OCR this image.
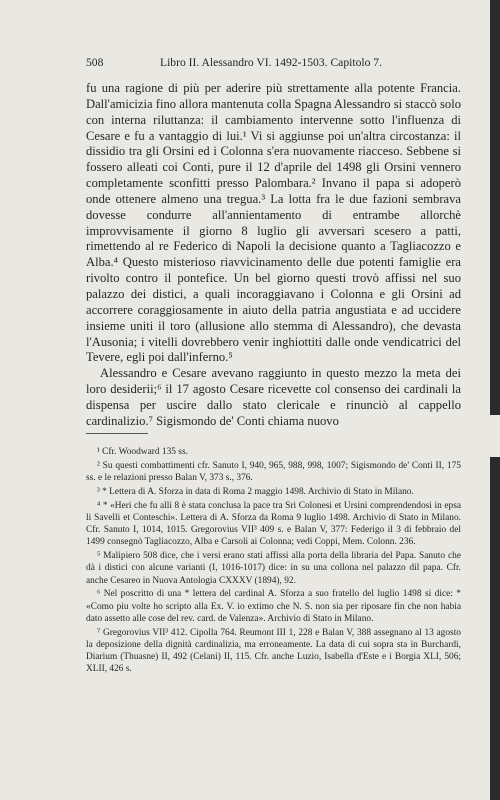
508	Libro II. Alessandro VI. 1492-1503. Capitolo 7.

fu una ragione di più per aderire più strettamente alla potente Francia. Dall'amicizia fino allora mantenuta colla Spagna Alessandro si staccò solo con interna riluttanza: il cambiamento intervenne sotto l'influenza di Cesare e fu a vantaggio di lui.¹ Vi si aggiunse poi un'altra circostanza: il dissidio tra gli Orsini ed i Colonna s'era nuovamente riacceso. Sebbene si fossero alleati coi Conti, pure il 12 d'aprile del 1498 gli Orsini vennero completamente sconfitti presso Palombara.² Invano il papa si adoperò onde ottenere almeno una tregua.³ La lotta fra le due fazioni sembrava dovesse condurre all'annientamento di entrambe allorchè improvvisamente il giorno 8 luglio gli avversari scesero a patti, rimettendo al re Federico di Napoli la decisione quanto a Tagliacozzo e Alba.⁴ Questo misterioso riavvicinamento delle due potenti famiglie era rivolto contro il pontefice. Un bel giorno questi trovò affissi nel suo palazzo dei distici, a quali incoraggiavano i Colonna e gli Orsini ad accorrere coraggiosamente in aiuto della patria angustiata e ad uccidere insieme uniti il toro (allusione allo stemma di Alessandro), che devasta l'Ausonia; i vitelli dovrebbero venir inghiottiti dalle onde vendicatrici del Tevere, egli poi dall'inferno.⁵

Alessandro e Cesare avevano raggiunto in questo mezzo la meta dei loro desiderii;⁶ il 17 agosto Cesare ricevette col consenso dei cardinali la dispensa per uscire dallo stato clericale e rinunciò al cappello cardinalizio.⁷ Sigismondo de' Conti chiama nuovo

¹ Cfr. Woodward 135 ss.

² Su questi combattimenti cfr. Sanuto I, 940, 965, 988, 998, 1007; Sigismondo de' Conti II, 175 ss. e le relazioni presso Balan V, 373 s., 376.

³ * Lettera di A. Sforza in data di Roma 2 maggio 1498. Archivio di Stato in Milano.

⁴ * «Heri che fu alli 8 è stata conclusa la pace tra Sri Colonesi et Ursini comprendendosi in epsa li Savelli et Conteschi». Lettera di A. Sforza da Roma 9 luglio 1498. Archivio di Stato in Milano. Cfr. Sanuto I, 1014, 1015. Gregorovius VII³ 409 s. e Balan V, 377: Federigo il 3 di febbraio del 1499 consegnò Tagliacozzo, Alba e Carsoli ai Colonna; vedi Coppi, Mem. Colonn. 236.

⁵ Malipiero 508 dice, che i versi erano stati affissi alla porta della libraria del Papa. Sanuto che dà i distici con alcune varianti (I, 1016-1017) dice: in su una collona nel palazzo dil papa. Cfr. anche Cesareo in Nuova Antologia CXXXV (1894), 92.

⁶ Nel poscritto di una * lettera del cardinal A. Sforza a suo fratello del luglio 1498 si dice: * «Como piu volte ho scripto alla Ex. V. io extimo che N. S. non sia per riposare fin che non habia dato assetto alle cose del rev. card. de Valenza». Archivio di Stato in Milano.

⁷ Gregorovius VII³ 412. Cipolla 764. Reumont III 1, 228 e Balan V, 388 assegnano al 13 agosto la deposizione della dignità cardinalizia, ma erroneamente. La data di cui sopra sta in Burchardi, Diarium (Thuasne) II, 492 (Celani) II, 115. Cfr. anche Luzio, Isabella d'Este e i Borgia XLI, 506; XLII, 426 s.
